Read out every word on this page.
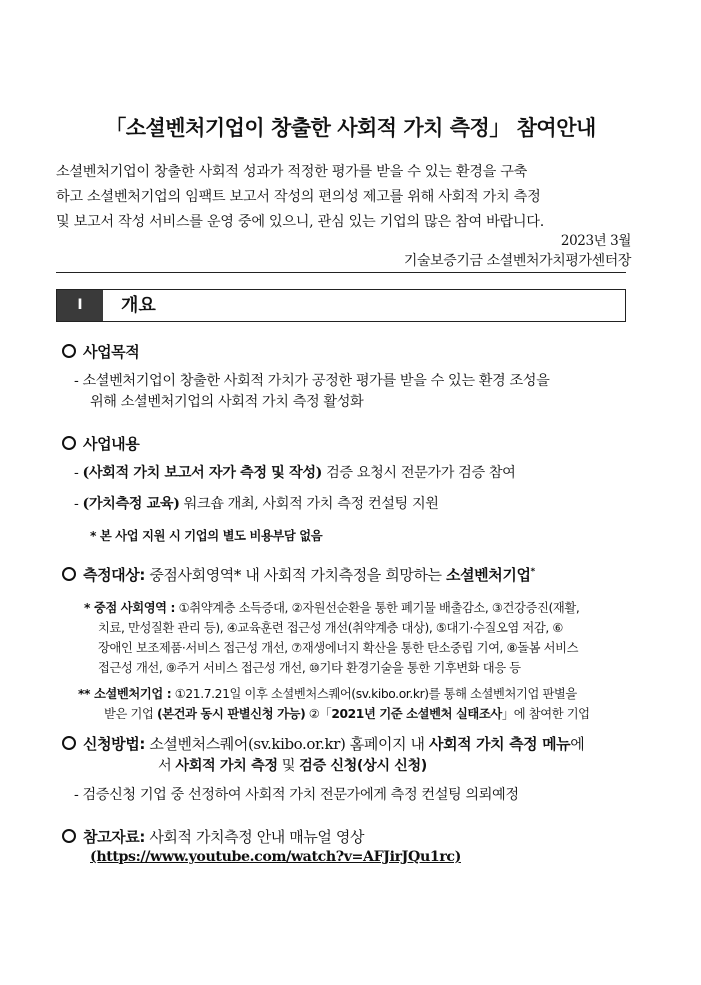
「소셜벤처기업이 창출한 사회적 가치 측정」 참여안내
소셜벤처기업이 창출한 사회적 성과가 적정한 평가를 받을 수 있는 환경을 구축
하고 소셜벤처기업의 임팩트 보고서 작성의 편의성 제고를 위해 사회적 가치 측정
및 보고서 작성 서비스를 운영 중에 있으니, 관심 있는 기업의 많은 참여 바랍니다.
2023년 3월
기술보증기금 소셜벤처가치평가센터장
I	개요
사업목적
- 소셜벤처기업이 창출한 사회적 가치가 공정한 평가를 받을 수 있는 환경 조성을
위해 소셜벤처기업의 사회적 가치 측정 활성화
사업내용
- (사회적 가치 보고서 자가 측정 및 작성) 검증 요청시 전문가가 검증 참여
- (가치측정 교육) 워크숍 개최, 사회적 가치 측정 컨설팅 지원
* 본 사업 지원 시 기업의 별도 비용부담 없음
측정대상: 중점사회영역* 내 사회적 가치측정을 희망하는 소셜벤처기업*
* 중점 사회영역 : ①취약계층 소득증대, ②자원선순환을 통한 폐기물 배출감소, ③건강증진(재활,
치료, 만성질환 관리 등), ④교육훈련 접근성 개선(취약계층 대상), ⑤대기·수질오염 저감, ⑥
장애인 보조제품·서비스 접근성 개선, ⑦재생에너지 확산을 통한 탄소중립 기여, ⑧돌봄 서비스
접근성 개선, ⑨주거 서비스 접근성 개선, ⑩기타 환경기술을 통한 기후변화 대응 등
** 소셜벤처기업 : ①21.7.21일 이후 소셜벤처스퀘어(sv.kibo.or.kr)를 통해 소셜벤처기업 판별을
받은 기업 (본건과 동시 판별신청 가능) ②「2021년 기준 소셜벤처 실태조사」에 참여한 기업
신청방법: 소셜벤처스퀘어(sv.kibo.or.kr) 홈페이지 내 사회적 가치 측정 메뉴에
서 사회적 가치 측정 및 검증 신청(상시 신청)
- 검증신청 기업 중 선정하여 사회적 가치 전문가에게 측정 컨설팅 의뢰예정
참고자료: 사회적 가치측정 안내 매뉴얼 영상
(https://www.youtube.com/watch?v=AFJirJQu1rc)
